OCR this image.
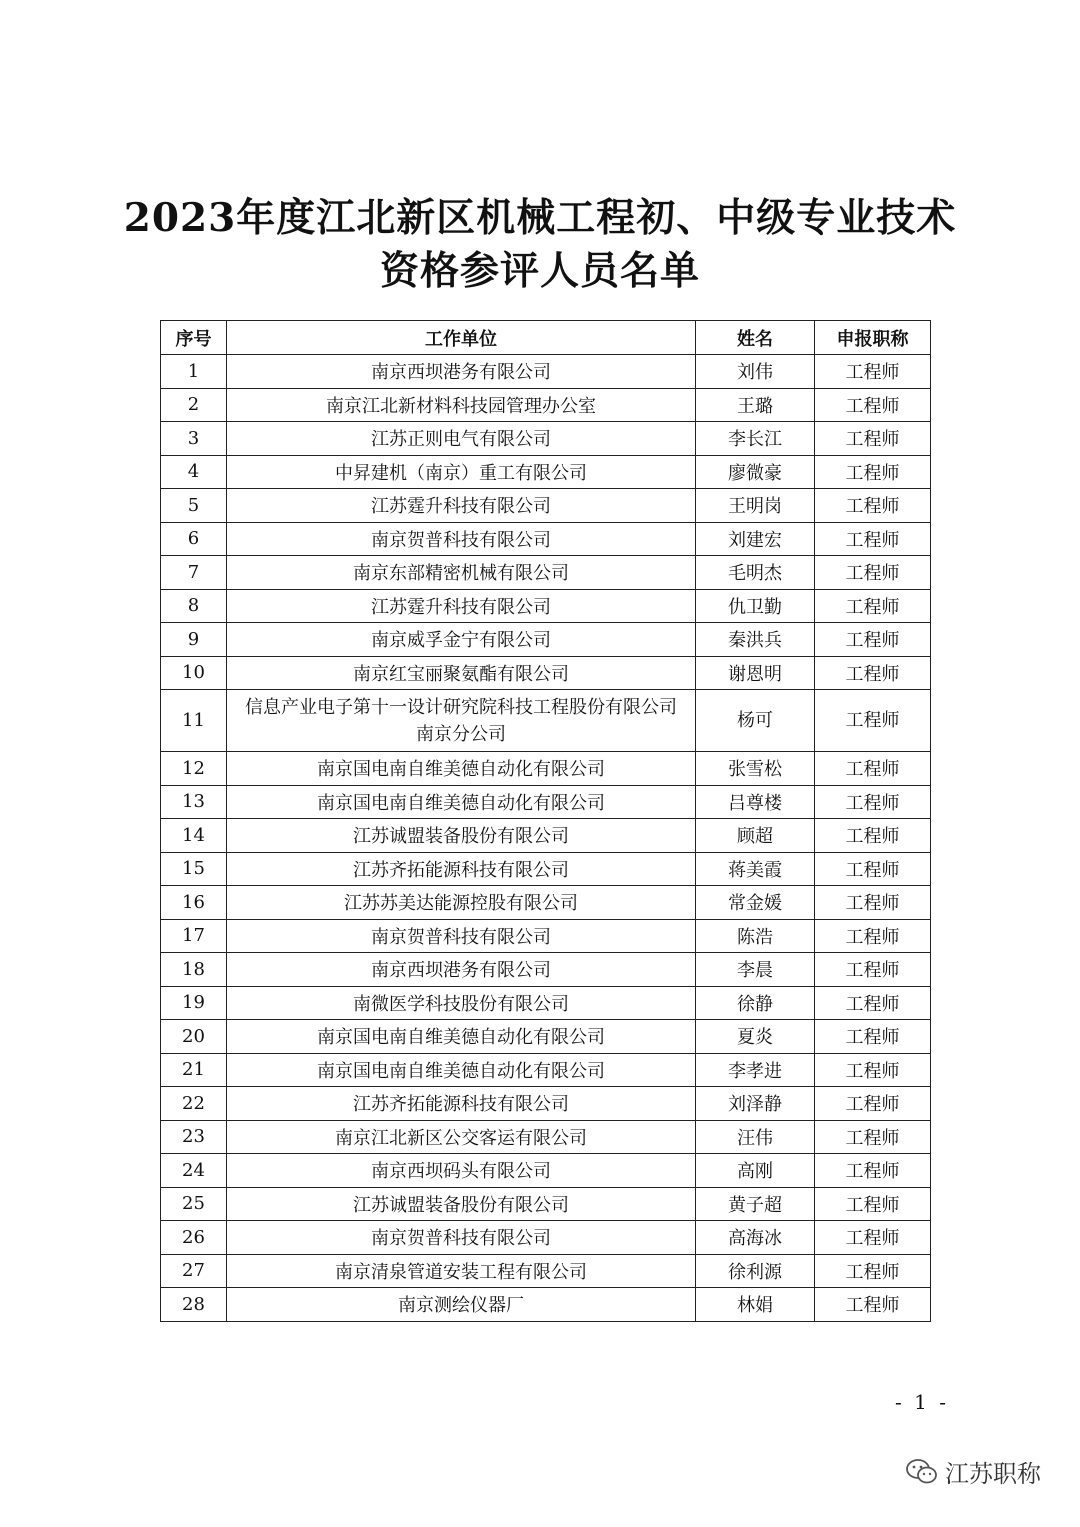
2023年度江北新区机械工程初、中级专业技术
资格参评人员名单
序号	工作单位	姓名	申报职称
1	南京西坝港务有限公司	刘伟	工程师
2	南京江北新材料科技园管理办公室	王璐	工程师
3	江苏正则电气有限公司	李长江	工程师
4	中昇建机（南京）重工有限公司	廖微豪	工程师
5	江苏霆升科技有限公司	王明岗	工程师
6	南京贺普科技有限公司	刘建宏	工程师
7	南京东部精密机械有限公司	毛明杰	工程师
8	江苏霆升科技有限公司	仇卫勤	工程师
9	南京威孚金宁有限公司	秦洪兵	工程师
10	南京红宝丽聚氨酯有限公司	谢恩明	工程师
11	信息产业电子第十一设计研究院科技工程股份有限公司
南京分公司	杨可	工程师
12	南京国电南自维美德自动化有限公司	张雪松	工程师
13	南京国电南自维美德自动化有限公司	吕尊楼	工程师
14	江苏诚盟装备股份有限公司	顾超	工程师
15	江苏齐拓能源科技有限公司	蒋美霞	工程师
16	江苏苏美达能源控股有限公司	常金媛	工程师
17	南京贺普科技有限公司	陈浩	工程师
18	南京西坝港务有限公司	李晨	工程师
19	南微医学科技股份有限公司	徐静	工程师
20	南京国电南自维美德自动化有限公司	夏炎	工程师
21	南京国电南自维美德自动化有限公司	李孝进	工程师
22	江苏齐拓能源科技有限公司	刘泽静	工程师
23	南京江北新区公交客运有限公司	汪伟	工程师
24	南京西坝码头有限公司	高刚	工程师
25	江苏诚盟装备股份有限公司	黄子超	工程师
26	南京贺普科技有限公司	高海冰	工程师
27	南京清泉管道安装工程有限公司	徐利源	工程师
28	南京测绘仪器厂	林娟	工程师
- 1 -
江苏职称
